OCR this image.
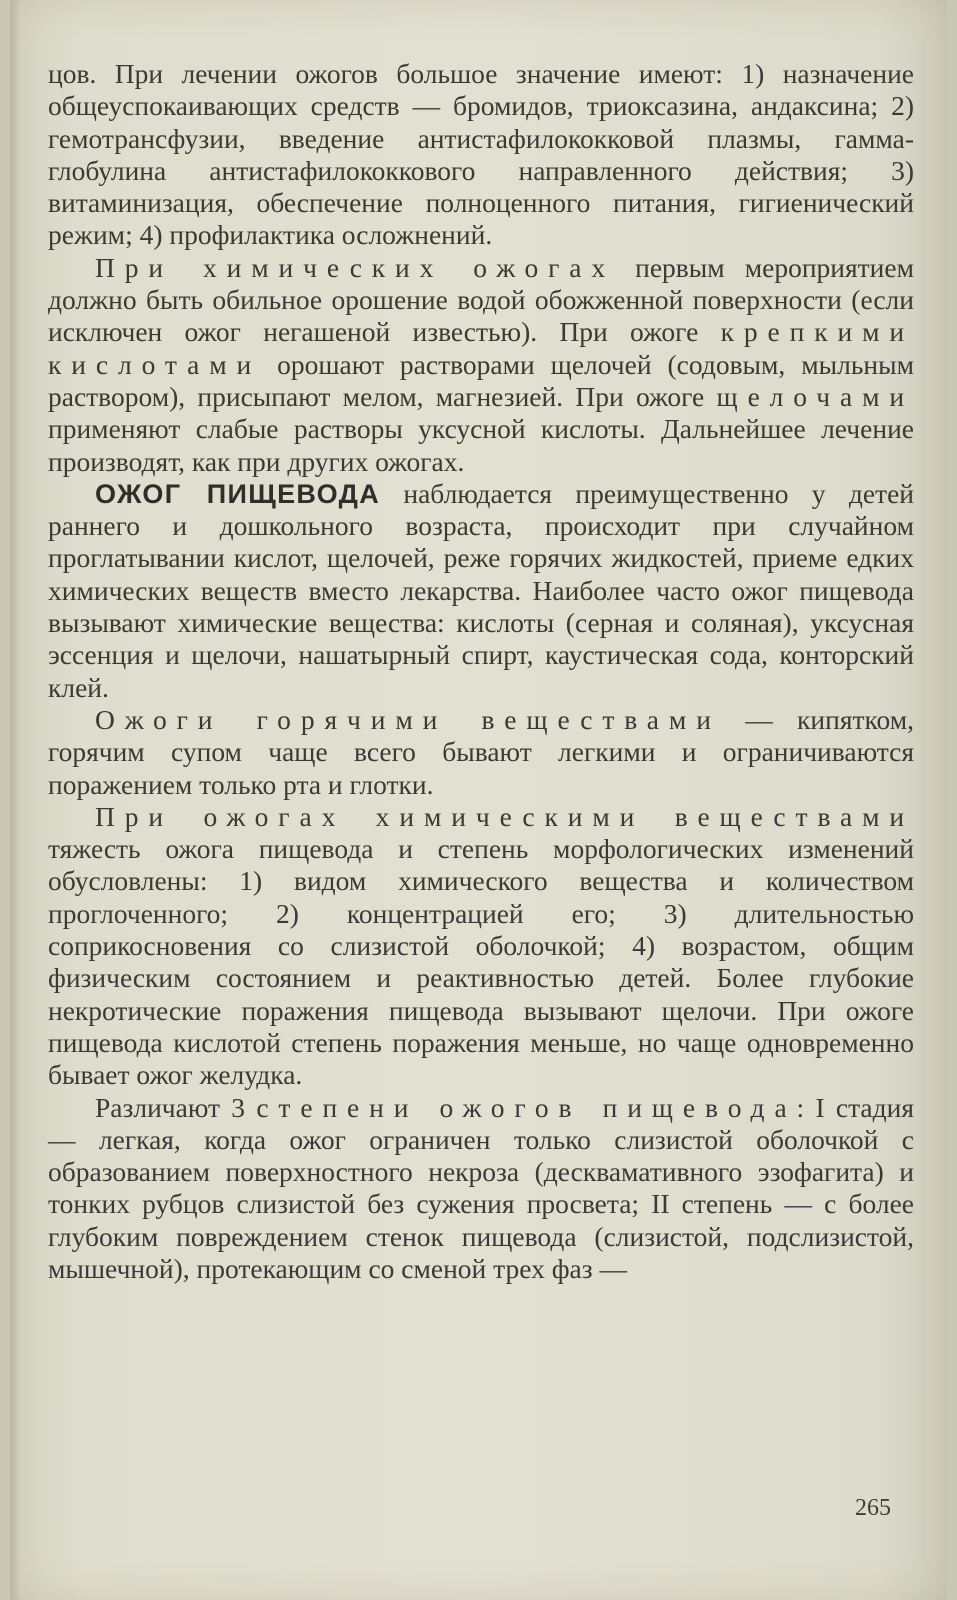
цов. При лечении ожогов большое значение имеют: 1) назначение общеуспокаивающих средств — бромидов, триоксазина, андаксина; 2) гемотрансфузии, введение антистафилококковой плазмы, гамма-глобулина антистафилококкового направленного действия; 3) витаминизация, обеспечение полноценного питания, гигиенический режим; 4) профилактика осложнений.

При химических ожогах первым мероприятием должно быть обильное орошение водой обожженной поверхности (если исключен ожог негашеной известью). При ожоге крепкими кислотами орошают растворами щелочей (содовым, мыльным раствором), присыпают мелом, магнезией. При ожоге щелочами применяют слабые растворы уксусной кислоты. Дальнейшее лечение производят, как при других ожогах.

ОЖОГ ПИЩЕВОДА наблюдается преимущественно у детей раннего и дошкольного возраста, происходит при случайном проглатывании кислот, щелочей, реже горячих жидкостей, приеме едких химических веществ вместо лекарства. Наиболее часто ожог пищевода вызывают химические вещества: кислоты (серная и соляная), уксусная эссенция и щелочи, нашатырный спирт, каустическая сода, конторский клей.

Ожоги горячими веществами — кипятком, горячим супом чаще всего бывают легкими и ограничиваются поражением только рта и глотки.

При ожогах химическими веществами тяжесть ожога пищевода и степень морфологических изменений обусловлены: 1) видом химического вещества и количеством проглоченного; 2) концентрацией его; 3) длительностью соприкосновения со слизистой оболочкой; 4) возрастом, общим физическим состоянием и реактивностью детей. Более глубокие некротические поражения пищевода вызывают щелочи. При ожоге пищевода кислотой степень поражения меньше, но чаще одновременно бывает ожог желудка.

Различают 3 степени ожогов пищевода: I стадия — легкая, когда ожог ограничен только слизистой оболочкой с образованием поверхностного некроза (десквамативного эзофагита) и тонких рубцов слизистой без сужения просвета; II степень — с более глубоким повреждением стенок пищевода (слизистой, подслизистой, мышечной), протекающим со сменой трех фаз —

265
